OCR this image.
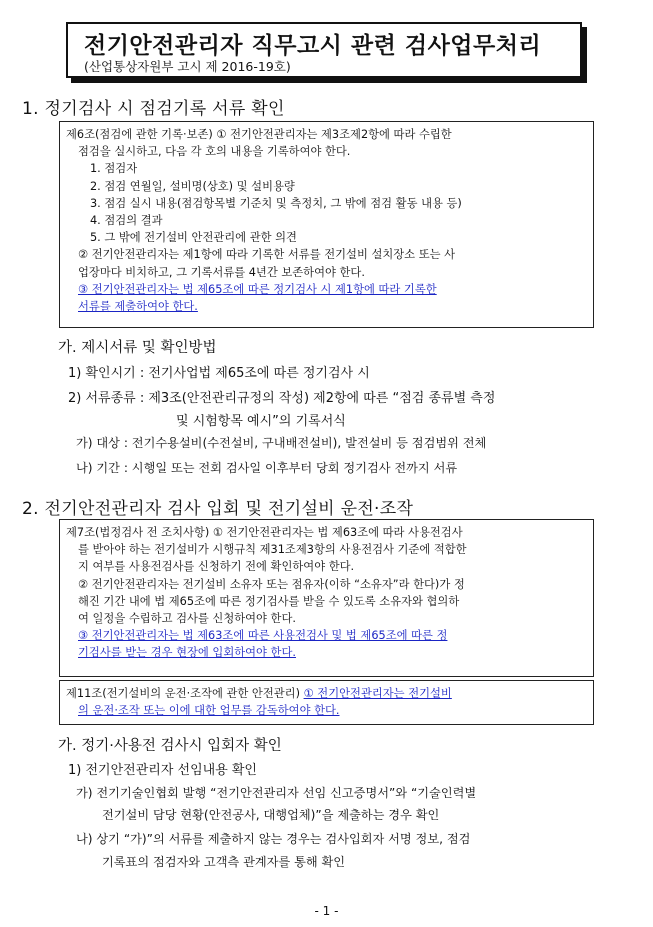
전기안전관리자 직무고시 관련 검사업무처리
(산업통상자원부 고시 제 2016-19호)
1. 정기검사 시 점검기록 서류 확인
제6조(점검에 관한 기록·보존) ① 전기안전관리자는 제3조제2항에 따라 수립한
점검을 실시하고, 다음 각 호의 내용을 기록하여야 한다.
1. 점검자
2. 점검 연월일, 설비명(상호) 및 설비용량
3. 점검 실시 내용(점검항목별 기준치 및 측정치, 그 밖에 점검 활동 내용 등)
4. 점검의 결과
5. 그 밖에 전기설비 안전관리에 관한 의견
② 전기안전관리자는 제1항에 따라 기록한 서류를 전기설비 설치장소 또는 사
업장마다 비치하고, 그 기록서류를 4년간 보존하여야 한다.
③ 전기안전관리자는 법 제65조에 따른 정기검사 시 제1항에 따라 기록한
서류를 제출하여야 한다.
가. 제시서류 및 확인방법
1) 확인시기 : 전기사업법 제65조에 따른 정기검사 시
2) 서류종류 : 제3조(안전관리규정의 작성) 제2항에 따른 “점검 종류별 측정
및 시험항목 예시”의 기록서식
가) 대상 : 전기수용설비(수전설비, 구내배전설비), 발전설비 등 점검범위 전체
나) 기간 : 시행일 또는 전회 검사일 이후부터 당회 정기검사 전까지 서류
2. 전기안전관리자 검사 입회 및 전기설비 운전·조작
제7조(법정검사 전 조치사항) ① 전기안전관리자는 법 제63조에 따라 사용전검사
를 받아야 하는 전기설비가 시행규칙 제31조제3항의 사용전검사 기준에 적합한
지 여부를 사용전검사를 신청하기 전에 확인하여야 한다.
② 전기안전관리자는 전기설비 소유자 또는 점유자(이하 “소유자”라 한다)가 정
해진 기간 내에 법 제65조에 따른 정기검사를 받을 수 있도록 소유자와 협의하
여 일정을 수립하고 검사를 신청하여야 한다.
③ 전기안전관리자는 법 제63조에 따른 사용전검사 및 법 제65조에 따른 정
기검사를 받는 경우 현장에 입회하여야 한다.
제11조(전기설비의 운전·조작에 관한 안전관리) ① 전기안전관리자는 전기설비
의 운전·조작 또는 이에 대한 업무를 감독하여야 한다.
가. 정기·사용전 검사시 입회자 확인
1) 전기안전관리자 선임내용 확인
가) 전기기술인협회 발행 “전기안전관리자 선임 신고증명서”와 “기술인력별
전기설비 담당 현황(안전공사, 대행업체)”을 제출하는 경우 확인
나) 상기 “가)”의 서류를 제출하지 않는 경우는 검사입회자 서명 정보, 점검
기록표의 점검자와 고객측 관계자를 통해 확인
- 1 -
